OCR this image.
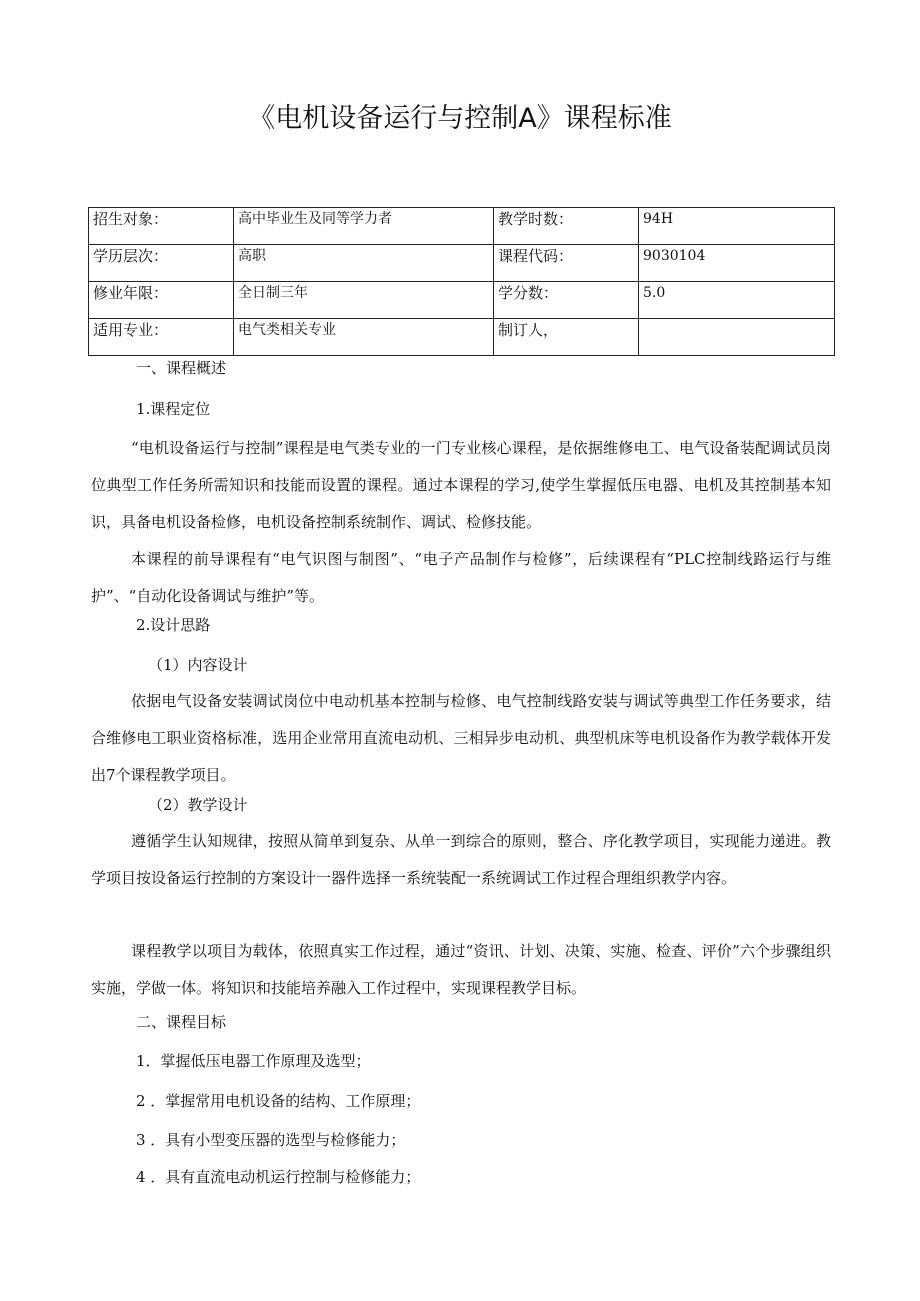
《电机设备运行与控制A》课程标准
招生对象：	高中毕业生及同等学力者	教学时数：	94H
学历层次：	高职	课程代码：	9030104
修业年限：	全日制三年	学分数：	5.0
适用专业：	电气类相关专业	制订人，	
一、课程概述
1.课程定位

“电机设备运行与控制”课程是电气类专业的一门专业核心课程，是依据维修电工、电气设备装配调试员岗位典型工作任务所需知识和技能而设置的课程。通过本课程的学习,使学生掌握低压电器、电机及其控制基本知识，具备电机设备检修，电机设备控制系统制作、调试、检修技能。

本课程的前导课程有“电气识图与制图”、“电子产品制作与检修”，后续课程有“PLC控制线路运行与维护”、“自动化设备调试与维护”等。

2.设计思路
（1）内容设计

依据电气设备安装调试岗位中电动机基本控制与检修、电气控制线路安装与调试等典型工作任务要求，结合维修电工职业资格标准，选用企业常用直流电动机、三相异步电动机、典型机床等电机设备作为教学载体开发出7个课程教学项目。

（2）教学设计

遵循学生认知规律，按照从简单到复杂、从单一到综合的原则，整合、序化教学项目，实现能力递进。教学项目按设备运行控制的方案设计一器件选择一系统装配一系统调试工作过程合理组织教学内容。

课程教学以项目为载体，依照真实工作过程，通过“资讯、计划、决策、实施、检查、评价”六个步骤组织实施，学做一体。将知识和技能培养融入工作过程中，实现课程教学目标。

二、课程目标
1．掌握低压电器工作原理及选型；
2 ．掌握常用电机设备的结构、工作原理；
3 ．具有小型变压器的选型与检修能力；
4 ．具有直流电动机运行控制与检修能力；
